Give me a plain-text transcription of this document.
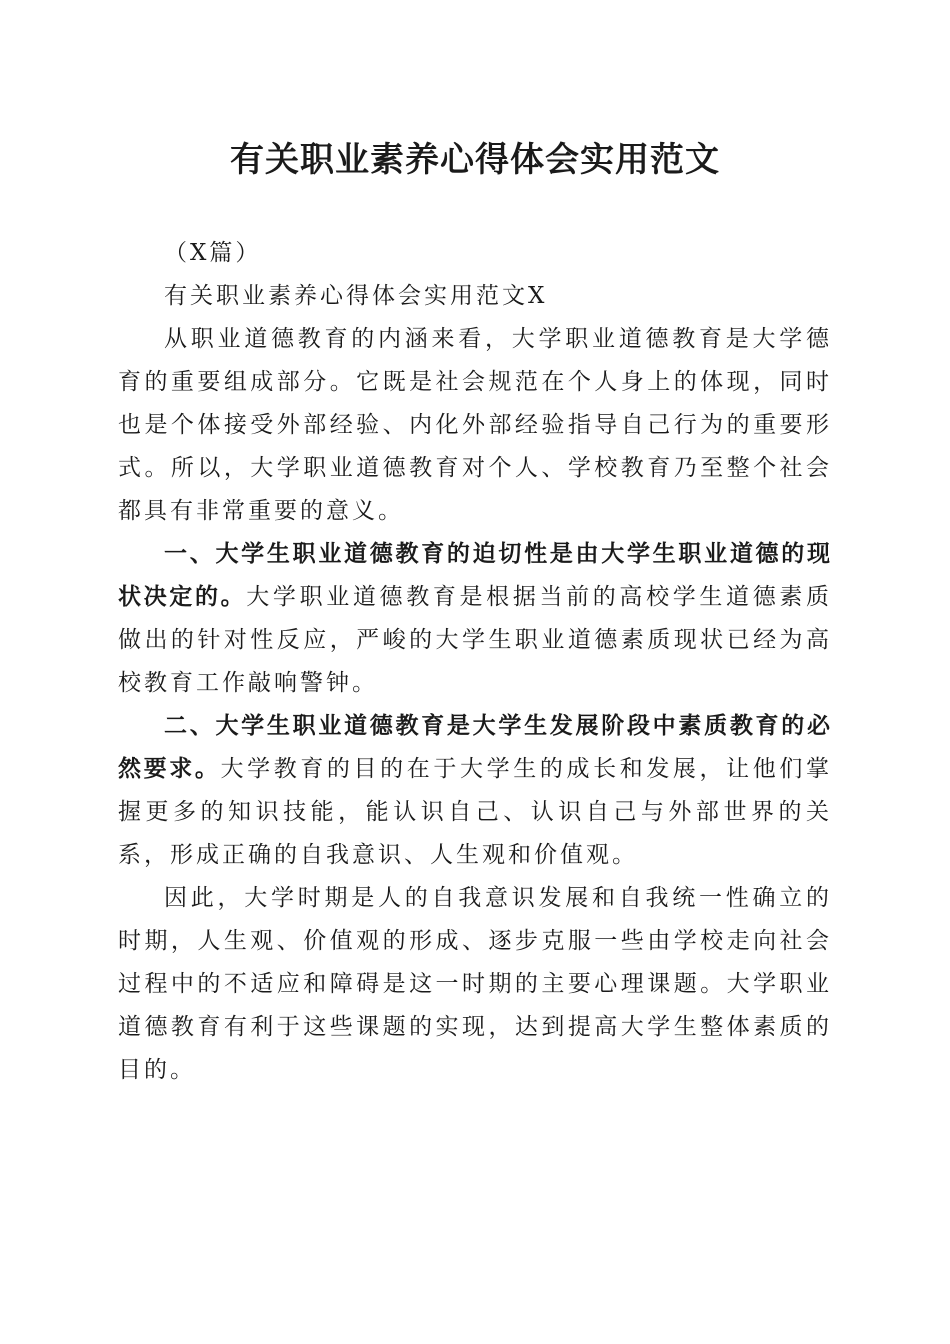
有关职业素养心得体会实用范文

（X篇）

有关职业素养心得体会实用范文X

从职业道德教育的内涵来看，大学职业道德教育是大学德育的重要组成部分。它既是社会规范在个人身上的体现，同时也是个体接受外部经验、内化外部经验指导自己行为的重要形式。所以，大学职业道德教育对个人、学校教育乃至整个社会都具有非常重要的意义。

一、大学生职业道德教育的迫切性是由大学生职业道德的现状决定的。大学职业道德教育是根据当前的高校学生道德素质做出的针对性反应，严峻的大学生职业道德素质现状已经为高校教育工作敲响警钟。

二、大学生职业道德教育是大学生发展阶段中素质教育的必然要求。大学教育的目的在于大学生的成长和发展，让他们掌握更多的知识技能，能认识自己、认识自己与外部世界的关系，形成正确的自我意识、人生观和价值观。

因此，大学时期是人的自我意识发展和自我统一性确立的时期，人生观、价值观的形成、逐步克服一些由学校走向社会过程中的不适应和障碍是这一时期的主要心理课题。大学职业道德教育有利于这些课题的实现，达到提高大学生整体素质的目的。
